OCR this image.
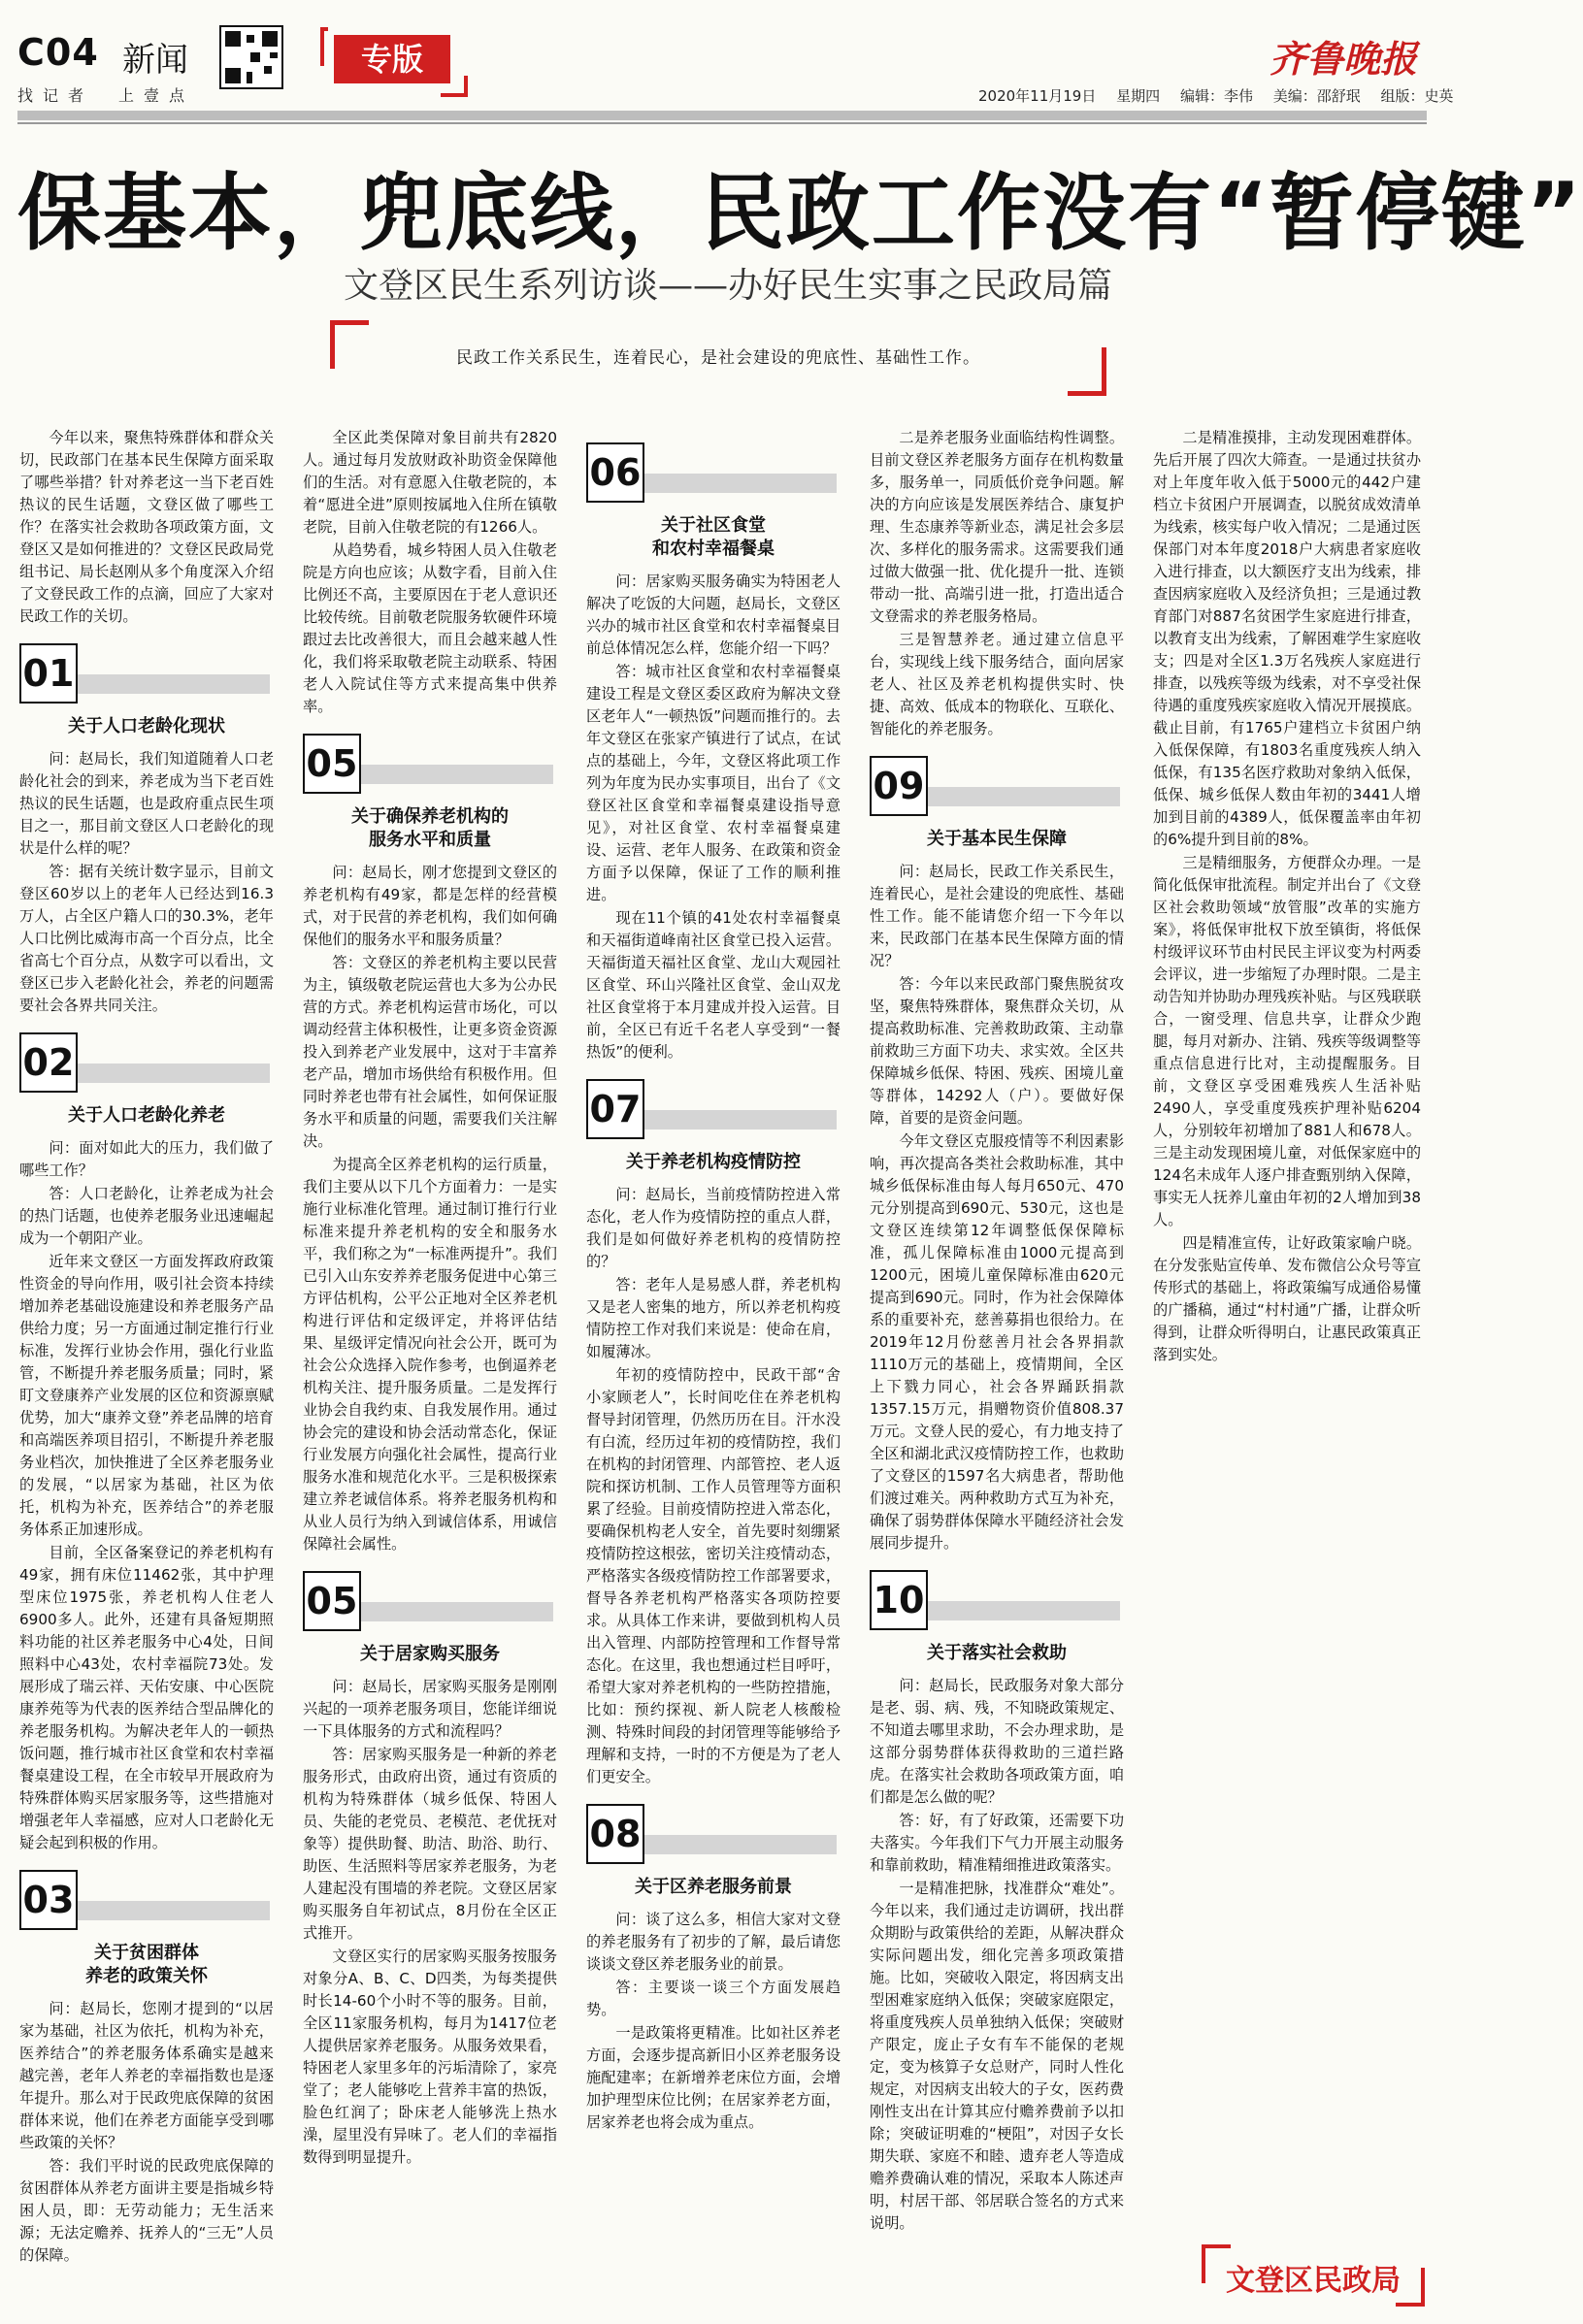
C04 新闻
找记者 上壹点
专版	齐鲁晚报
2020年11月19日 星期四 编辑：李伟 美编：邵舒珉 组版：史英
保基本，兜底线，民政工作没有“暂停键”
文登区民生系列访谈——办好民生实事之民政局篇

民政工作关系民生，连着民心，是社会建设的兜底性、基础性工作。

今年以来，聚焦特殊群体和群众关切，民政部门在基本民生保障方面采取了哪些举措？针对养老这一当下老百姓热议的民生话题，文登区做了哪些工作？在落实社会救助各项政策方面，文登区又是如何推进的？文登区民政局党组书记、局长赵刚从多个角度深入介绍了文登民政工作的点滴，回应了大家对民政工作的关切。

01
关于人口老龄化现状

问：赵局长，我们知道随着人口老龄化社会的到来，养老成为当下老百姓热议的民生话题，也是政府重点民生项目之一，那目前文登区人口老龄化的现状是什么样的呢？

答：据有关统计数字显示，目前文登区60岁以上的老年人已经达到16.3万人，占全区户籍人口的30.3%，老年人口比例比威海市高一个百分点，比全省高七个百分点，从数字可以看出，文登区已步入老龄化社会，养老的问题需要社会各界共同关注。

02
关于人口老龄化养老

问：面对如此大的压力，我们做了哪些工作？

答：人口老龄化，让养老成为社会的热门话题，也使养老服务业迅速崛起成为一个朝阳产业。

近年来文登区一方面发挥政府政策性资金的导向作用，吸引社会资本持续增加养老基础设施建设和养老服务产品供给力度；另一方面通过制定推行行业标准，发挥行业协会作用，强化行业监管，不断提升养老服务质量；同时，紧盯文登康养产业发展的区位和资源禀赋优势，加大“康养文登”养老品牌的培育和高端医养项目招引，不断提升养老服务业档次，加快推进了全区养老服务业的发展，“以居家为基础，社区为依托，机构为补充，医养结合”的养老服务体系正加速形成。

目前，全区备案登记的养老机构有49家，拥有床位11462张，其中护理型床位1975张，养老机构人住老人6900多人。此外，还建有具备短期照料功能的社区养老服务中心4处，日间照料中心43处，农村幸福院73处。发展形成了瑞云祥、天佑安康、中心医院康养苑等为代表的医养结合型品牌化的养老服务机构。为解决老年人的一顿热饭问题，推行城市社区食堂和农村幸福餐桌建设工程，在全市较早开展政府为特殊群体购买居家服务等，这些措施对增强老年人幸福感，应对人口老龄化无疑会起到积极的作用。

03
关于贫困群体
养老的政策关怀

问：赵局长，您刚才提到的“以居家为基础，社区为依托，机构为补充，医养结合”的养老服务体系确实是越来越完善，老年人养老的幸福指数也是逐年提升。那么对于民政兜底保障的贫困群体来说，他们在养老方面能享受到哪些政策的关怀？

答：我们平时说的民政兜底保障的贫困群体从养老方面讲主要是指城乡特困人员，即：无劳动能力；无生活来源；无法定赡养、抚养人的“三无”人员的保障。

全区此类保障对象目前共有2820人。通过每月发放财政补助资金保障他们的生活。对有意愿入住敬老院的，本着“愿进全进”原则按属地入住所在镇敬老院，目前入住敬老院的有1266人。

从趋势看，城乡特困人员入住敬老院是方向也应该；从数字看，目前入住比例还不高，主要原因在于老人意识还比较传统。目前敬老院服务软硬件环境跟过去比改善很大，而且会越来越人性化，我们将采取敬老院主动联系、特困老人入院试住等方式来提高集中供养率。

05
关于确保养老机构的
服务水平和质量

问：赵局长，刚才您提到文登区的养老机构有49家，都是怎样的经营模式，对于民营的养老机构，我们如何确保他们的服务水平和服务质量？

答：文登区的养老机构主要以民营为主，镇级敬老院运营也大多为公办民营的方式。养老机构运营市场化，可以调动经营主体积极性，让更多资金资源投入到养老产业发展中，这对于丰富养老产品，增加市场供给有积极作用。但同时养老也带有社会属性，如何保证服务水平和质量的问题，需要我们关注解决。

为提高全区养老机构的运行质量，我们主要从以下几个方面着力：一是实施行业标准化管理。通过制订推行行业标准来提升养老机构的安全和服务水平，我们称之为“一标准两提升”。我们已引入山东安养养老服务促进中心第三方评估机构，公平公正地对全区养老机构进行评估和定级评定，并将评估结果、星级评定情况向社会公开，既可为社会公众选择入院作参考，也倒逼养老机构关注、提升服务质量。二是发挥行业协会自我约束、自我发展作用。通过协会完的建设和协会活动常态化，保证行业发展方向强化社会属性，提高行业服务水准和规范化水平。三是积极探索建立养老诚信体系。将养老服务机构和从业人员行为纳入到诚信体系，用诚信保障社会属性。

05
关于居家购买服务

问：赵局长，居家购买服务是刚刚兴起的一项养老服务项目，您能详细说一下具体服务的方式和流程吗？

答：居家购买服务是一种新的养老服务形式，由政府出资，通过有资质的机构为特殊群体（城乡低保、特困人员、失能的老党员、老模范、老优抚对象等）提供助餐、助洁、助浴、助行、助医、生活照料等居家养老服务，为老人建起没有围墙的养老院。文登区居家购买服务自年初试点，8月份在全区正式推开。

文登区实行的居家购买服务按服务对象分A、B、C、D四类，为每类提供时长14-60个小时不等的服务。目前，全区11家服务机构，每月为1417位老人提供居家养老服务。从服务效果看，特困老人家里多年的污垢清除了，家亮堂了；老人能够吃上营养丰富的热饭，脸色红润了；卧床老人能够洗上热水澡，屋里没有异味了。老人们的幸福指数得到明显提升。

06
关于社区食堂
和农村幸福餐桌

问：居家购买服务确实为特困老人解决了吃饭的大问题，赵局长，文登区兴办的城市社区食堂和农村幸福餐桌目前总体情况怎么样，您能介绍一下吗？

答：城市社区食堂和农村幸福餐桌建设工程是文登区委区政府为解决文登区老年人“一顿热饭”问题而推行的。去年文登区在张家产镇进行了试点，在试点的基础上，今年，文登区将此项工作列为年度为民办实事项目，出台了《文登区社区食堂和幸福餐桌建设指导意见》，对社区食堂、农村幸福餐桌建设、运营、老年人服务、在政策和资金方面予以保障，保证了工作的顺利推进。

现在11个镇的41处农村幸福餐桌和天福街道峰南社区食堂已投入运营。天福街道天福社区食堂、龙山大观园社区食堂、环山兴隆社区食堂、金山双龙社区食堂将于本月建成并投入运营。目前，全区已有近千名老人享受到“一餐热饭”的便利。

07
关于养老机构疫情防控

问：赵局长，当前疫情防控进入常态化，老人作为疫情防控的重点人群，我们是如何做好养老机构的疫情防控的？

答：老年人是易感人群，养老机构又是老人密集的地方，所以养老机构疫情防控工作对我们来说是：使命在肩，如履薄冰。

年初的疫情防控中，民政干部“舍小家顾老人”，长时间吃住在养老机构督导封闭管理，仍然历历在目。汗水没有白流，经历过年初的疫情防控，我们在机构的封闭管理、内部管控、老人返院和探访机制、工作人员管理等方面积累了经验。目前疫情防控进入常态化，要确保机构老人安全，首先要时刻绷紧疫情防控这根弦，密切关注疫情动态，严格落实各级疫情防控工作部署要求，督导各养老机构严格落实各项防控要求。从具体工作来讲，要做到机构人员出入管理、内部防控管理和工作督导常态化。在这里，我也想通过栏目呼吁，希望大家对养老机构的一些防控措施，比如：预约探视、新人院老人核酸检测、特殊时间段的封闭管理等能够给予理解和支持，一时的不方便是为了老人们更安全。

08
关于区养老服务前景

问：谈了这么多，相信大家对文登的养老服务有了初步的了解，最后请您谈谈文登区养老服务业的前景。

答：主要谈一谈三个方面发展趋势。

一是政策将更精准。比如社区养老方面，会逐步提高新旧小区养老服务设施配建率；在新增养老床位方面，会增加护理型床位比例；在居家养老方面，居家养老也将会成为重点。

二是养老服务业面临结构性调整。目前文登区养老服务方面存在机构数量多，服务单一，同质低价竞争问题。解决的方向应该是发展医养结合、康复护理、生态康养等新业态，满足社会多层次、多样化的服务需求。这需要我们通过做大做强一批、优化提升一批、连锁带动一批、高端引进一批，打造出适合文登需求的养老服务格局。

三是智慧养老。通过建立信息平台，实现线上线下服务结合，面向居家老人、社区及养老机构提供实时、快捷、高效、低成本的物联化、互联化、智能化的养老服务。

09
关于基本民生保障

问：赵局长，民政工作关系民生，连着民心，是社会建设的兜底性、基础性工作。能不能请您介绍一下今年以来，民政部门在基本民生保障方面的情况？

答：今年以来民政部门聚焦脱贫攻坚，聚焦特殊群体，聚焦群众关切，从提高救助标准、完善救助政策、主动靠前救助三方面下功夫、求实效。全区共保障城乡低保、特困、残疾、困境儿童等群体，14292人（户）。要做好保障，首要的是资金问题。

今年文登区克服疫情等不利因素影响，再次提高各类社会救助标准，其中城乡低保标准由每人每月650元、470元分别提高到690元、530元，这也是文登区连续第12年调整低保保障标准，孤儿保障标准由1000元提高到1200元，困境儿童保障标准由620元提高到690元。同时，作为社会保障体系的重要补充，慈善募捐也很给力。在2019年12月份慈善月社会各界捐款1110万元的基础上，疫情期间，全区上下戮力同心，社会各界踊跃捐款1357.15万元，捐赠物资价值808.37万元。文登人民的爱心，有力地支持了全区和湖北武汉疫情防控工作，也救助了文登区的1597名大病患者，帮助他们渡过难关。两种救助方式互为补充，确保了弱势群体保障水平随经济社会发展同步提升。

10
关于落实社会救助

问：赵局长，民政服务对象大部分是老、弱、病、残，不知晓政策规定、不知道去哪里求助，不会办理求助，是这部分弱势群体获得救助的三道拦路虎。在落实社会救助各项政策方面，咱们都是怎么做的呢？

答：好，有了好政策，还需要下功夫落实。今年我们下气力开展主动服务和靠前救助，精准精细推进政策落实。

一是精准把脉，找准群众“难处”。今年以来，我们通过走访调研，找出群众期盼与政策供给的差距，从解决群众实际问题出发，细化完善多项政策措施。比如，突破收入限定，将因病支出型困难家庭纳入低保；突破家庭限定，将重度残疾人员单独纳入低保；突破财产限定，庞止子女有车不能保的老规定，变为核算子女总财产，同时人性化规定，对因病支出较大的子女，医药费刚性支出在计算其应付赡养费前予以扣除；突破证明难的“梗阻”，对因子女长期失联、家庭不和睦、遗弃老人等造成赡养费确认难的情况，采取本人陈述声明，村居干部、邻居联合签名的方式来说明。

二是精准摸排，主动发现困难群体。先后开展了四次大筛查。一是通过扶贫办对上年度年收入低于5000元的442户建档立卡贫困户开展调查，以脱贫成效清单为线索，核实每户收入情况；二是通过医保部门对本年度2018户大病患者家庭收入进行排查，以大额医疗支出为线索，排查因病家庭收入及经济负担；三是通过教育部门对887名贫困学生家庭进行排查，以教育支出为线索，了解困难学生家庭收支；四是对全区1.3万名残疾人家庭进行排查，以残疾等级为线索，对不享受社保待遇的重度残疾家庭收入情况开展摸底。截止目前，有1765户建档立卡贫困户纳入低保保障，有1803名重度残疾人纳入低保，有135名医疗救助对象纳入低保，低保、城乡低保人数由年初的3441人增加到目前的4389人，低保覆盖率由年初的6%提升到目前的8%。

三是精细服务，方便群众办理。一是简化低保审批流程。制定并出台了《文登区社会救助领域“放管服”改革的实施方案》，将低保审批权下放至镇街，将低保村级评议环节由村民民主评议变为村两委会评议，进一步缩短了办理时限。二是主动告知并协助办理残疾补贴。与区残联联合，一窗受理、信息共享，让群众少跑腿，每月对新办、注销、残疾等级调整等重点信息进行比对，主动提醒服务。目前，文登区享受困难残疾人生活补贴2490人，享受重度残疾护理补贴6204人，分别较年初增加了881人和678人。三是主动发现困境儿童，对低保家庭中的124名未成年人逐户排查甄别纳入保障，事实无人抚养儿童由年初的2人增加到38人。

四是精准宣传，让好政策家喻户晓。在分发张贴宣传单、发布微信公众号等宣传形式的基础上，将政策编写成通俗易懂的广播稿，通过“村村通”广播，让群众听得到，让群众听得明白，让惠民政策真正落到实处。

文登区民政局
